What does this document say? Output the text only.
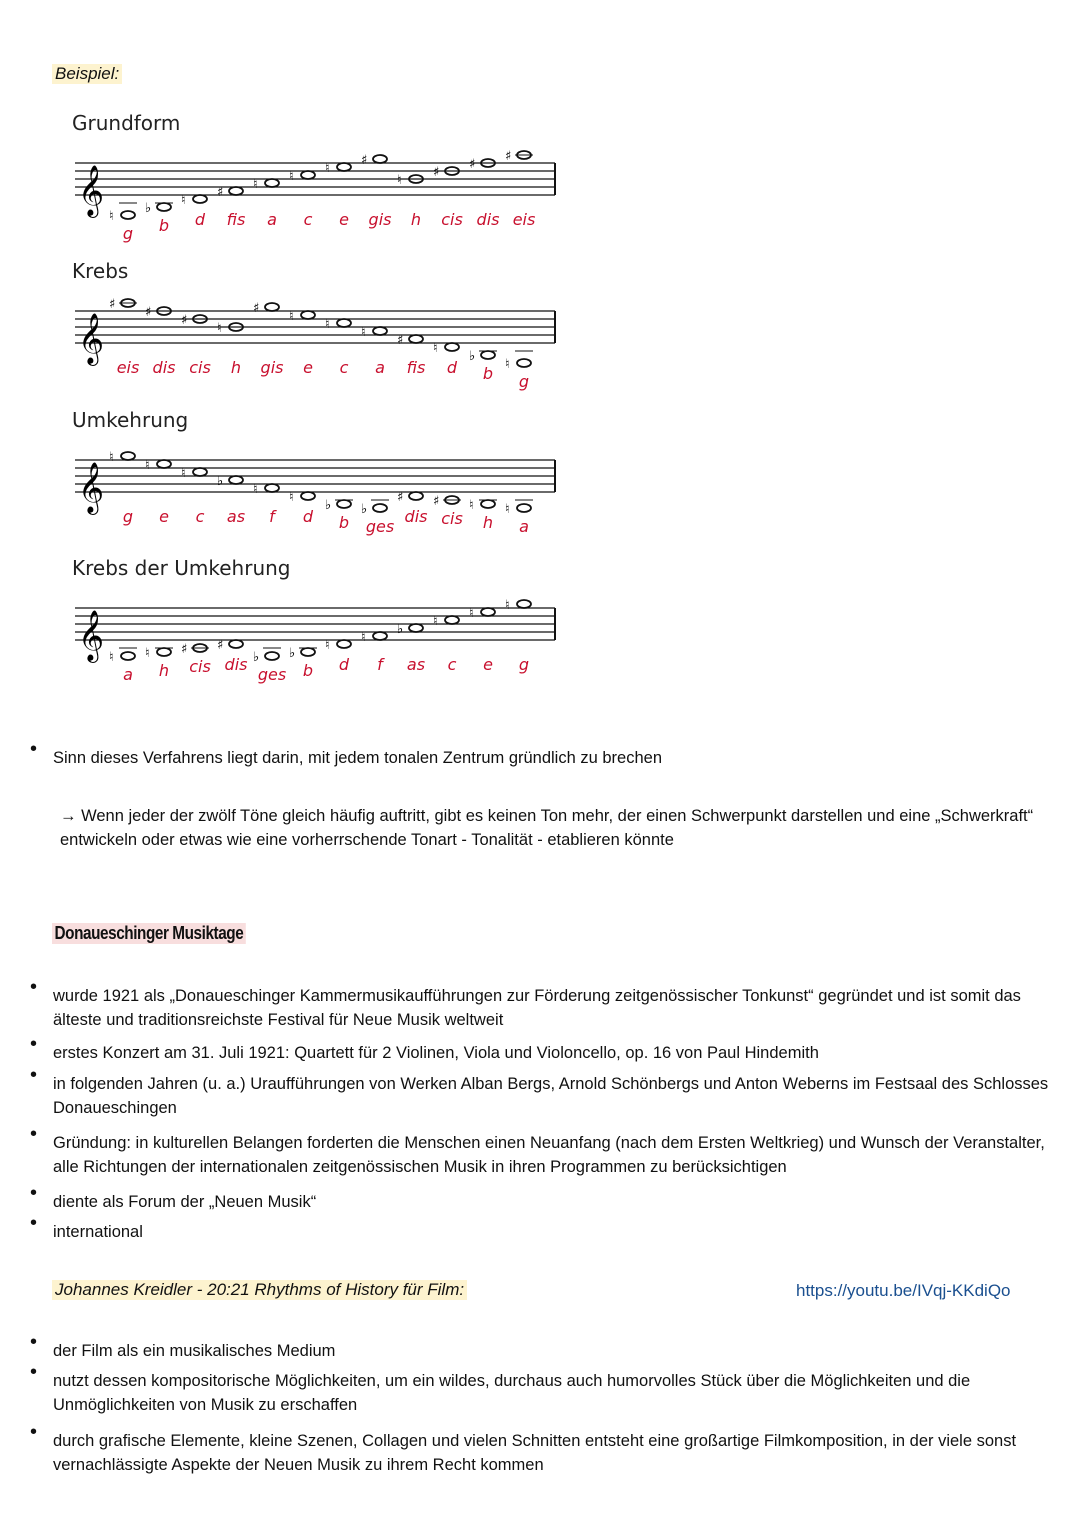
Beispiel:
• Sinn dieses Verfahrens liegt darin, mit jedem tonalen Zentrum gründlich zu brechen
→ Wenn jeder der zwölf Töne gleich häufig auftritt, gibt es keinen Ton mehr, der einen Schwerpunkt darstellen und eine „Schwerkraft“ entwickeln oder etwas wie eine vorherrschende Tonart - Tonalität - etablieren könnte
Donaueschinger Musiktage
Johannes Kreidler - 20:21 Rhythms of History für Film:	https://youtu.be/IVqj-KKdiQo
Grundform
𝄞
♮
g
♭
b
♮
d
♯
fis
♮
a
♮
c
♮
e
♯
gis
♮
h
♯
cis
♯
dis
♯
eis
Krebs
𝄞
♯
eis
♯
dis
♯
cis
♮
h
♯
gis
♮
e
♮
c
♮
a
♯
fis
♮
d
♭
b ♮
g
Umkehrung
𝄞
♮
g
♮
e
♮
c
♭
as
♮
f
♮
d
♭
b
♭
ges
♯
dis
♯
cis
♮
h
♮
a
Krebs der Umkehrung
𝄞 ♮
a
♮
h
♯
cis
♯
dis ♭
ges
♭
b
♮
d
♮
f
♭
as
♮
c
♮
e
♮
g
• wurde 1921 als „Donaueschinger Kammermusikaufführungen zur Förderung zeitgenössischer Tonkunst“ gegründet und ist somit das älteste und traditionsreichste Festival für Neue Musik weltweit
• erstes Konzert am 31. Juli 1921: Quartett für 2 Violinen, Viola und Violoncello, op. 16 von Paul Hindemith
• in folgenden Jahren (u. a.) Uraufführungen von Werken Alban Bergs, Arnold Schönbergs und Anton Weberns im Festsaal des Schlosses Donaueschingen
• Gründung: in kulturellen Belangen forderten die Menschen einen Neuanfang (nach dem Ersten Weltkrieg) und Wunsch der Veranstalter, alle Richtungen der internationalen zeitgenössischen Musik in ihren Programmen zu berücksichtigen
• diente als Forum der „Neuen Musik“
• international
• der Film als ein musikalisches Medium
• nutzt dessen kompositorische Möglichkeiten, um ein wildes, durchaus auch humorvolles Stück über die Möglichkeiten und die Unmöglichkeiten von Musik zu erschaffen
• durch grafische Elemente, kleine Szenen, Collagen und vielen Schnitten entsteht eine großartige Filmkomposition, in der viele sonst vernachlässigte Aspekte der Neuen Musik zu ihrem Recht kommen
